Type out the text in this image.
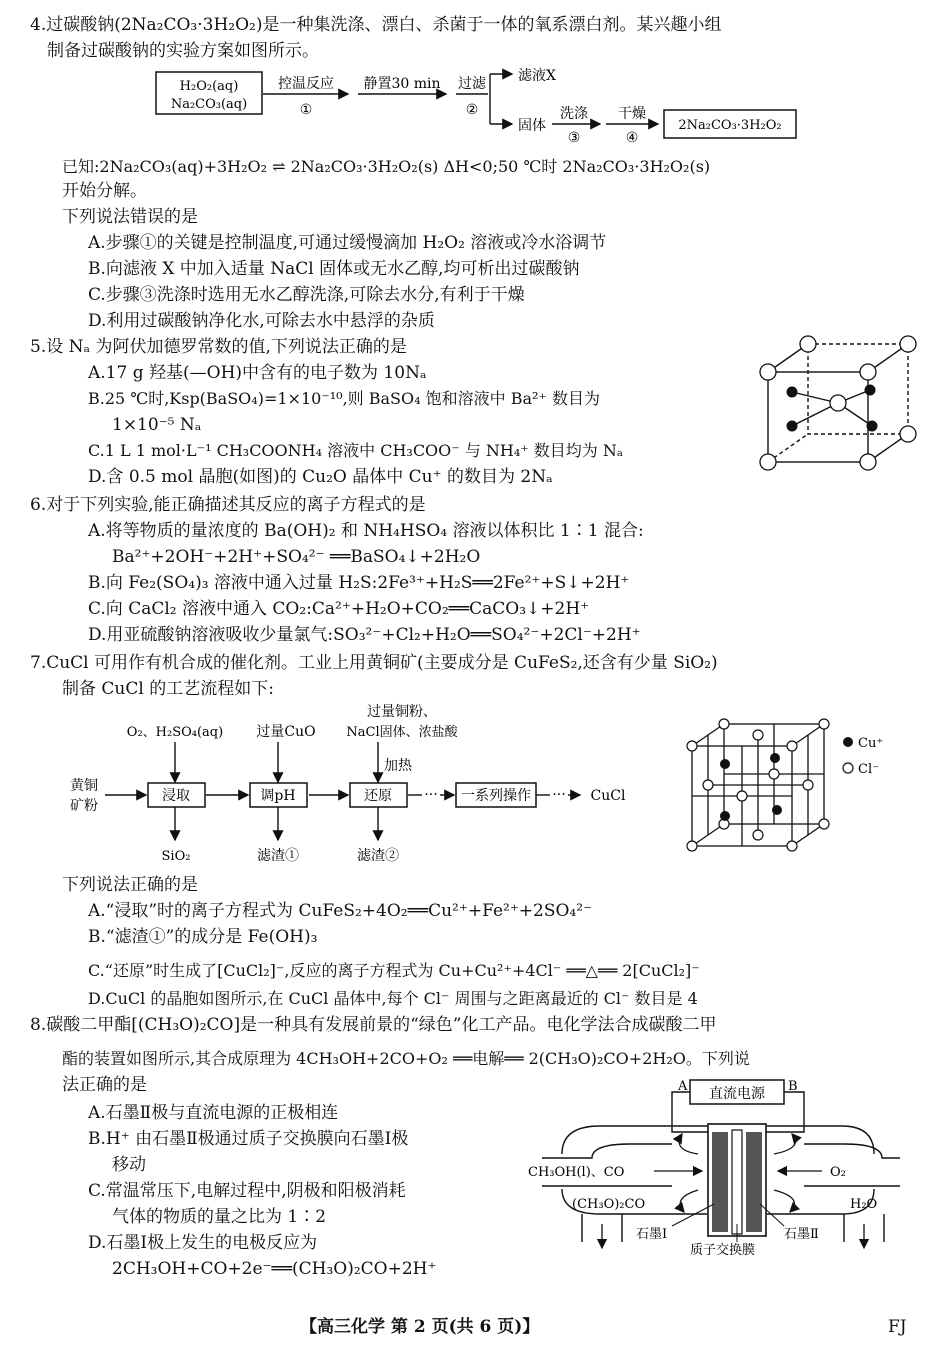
4.过碳酸钠(2Na₂CO₃·3H₂O₂)是一种集洗涤、漂白、杀菌于一体的氧系漂白剂。某兴趣小组
制备过碳酸钠的实验方案如图所示。
H₂O₂(aq)
Na₂CO₃(aq)
控温反应
①
静置30 min 过滤
②
滤液X
固体
洗涤
③
干燥
④
2Na₂CO₃·3H₂O₂
已知:2Na₂CO₃(aq)+3H₂O₂ ⇌ 2Na₂CO₃·3H₂O₂(s) ΔH<0;50 ℃时 2Na₂CO₃·3H₂O₂(s)
开始分解。
下列说法错误的是
A.步骤①的关键是控制温度,可通过缓慢滴加 H₂O₂ 溶液或冷水浴调节
B.向滤液 X 中加入适量 NaCl 固体或无水乙醇,均可析出过碳酸钠
C.步骤③洗涤时选用无水乙醇洗涤,可除去水分,有利于干燥
D.利用过碳酸钠净化水,可除去水中悬浮的杂质
5.设 Nₐ 为阿伏加德罗常数的值,下列说法正确的是
A.17 g 羟基(—OH)中含有的电子数为 10Nₐ
B.25 ℃时,Ksp(BaSO₄)=1×10⁻¹⁰,则 BaSO₄ 饱和溶液中 Ba²⁺ 数目为
1×10⁻⁵ Nₐ
C.1 L 1 mol·L⁻¹ CH₃COONH₄ 溶液中 CH₃COO⁻ 与 NH₄⁺ 数目均为 Nₐ
D.含 0.5 mol 晶胞(如图)的 Cu₂O 晶体中 Cu⁺ 的数目为 2Nₐ
6.对于下列实验,能正确描述其反应的离子方程式的是
A.将等物质的量浓度的 Ba(OH)₂ 和 NH₄HSO₄ 溶液以体积比 1∶1 混合:
Ba²⁺+2OH⁻+2H⁺+SO₄²⁻ ══BaSO₄↓+2H₂O
B.向 Fe₂(SO₄)₃ 溶液中通入过量 H₂S:2Fe³⁺+H₂S══2Fe²⁺+S↓+2H⁺
C.向 CaCl₂ 溶液中通入 CO₂:Ca²⁺+H₂O+CO₂══CaCO₃↓+2H⁺
D.用亚硫酸钠溶液吸收少量氯气:SO₃²⁻+Cl₂+H₂O══SO₄²⁻+2Cl⁻+2H⁺
7.CuCl 可用作有机合成的催化剂。工业上用黄铜矿(主要成分是 CuFeS₂,还含有少量 SiO₂)
制备 CuCl 的工艺流程如下:
黄铜
矿粉
O₂、H₂SO₄(aq) 过量CuO
过量铜粉、
NaCl固体、浓盐酸
加热
浸取	调pH	还原	一系列操作
···	··· CuCl
SiO₂	滤渣①	滤渣②
Cu⁺
Cl⁻
下列说法正确的是
A.“浸取”时的离子方程式为 CuFeS₂+4O₂══Cu²⁺+Fe²⁺+2SO₄²⁻
B.“滤渣①”的成分是 Fe(OH)₃
C.“还原”时生成了[CuCl₂]⁻,反应的离子方程式为 Cu+Cu²⁺+4Cl⁻ ══△══ 2[CuCl₂]⁻
D.CuCl 的晶胞如图所示,在 CuCl 晶体中,每个 Cl⁻ 周围与之距离最近的 Cl⁻ 数目是 4
8.碳酸二甲酯[(CH₃O)₂CO]是一种具有发展前景的“绿色”化工产品。电化学法合成碳酸二甲
酯的装置如图所示,其合成原理为 4CH₃OH+2CO+O₂ ══电解══ 2(CH₃O)₂CO+2H₂O。下列说
法正确的是
A.石墨Ⅱ极与直流电源的正极相连
B.H⁺ 由石墨Ⅱ极通过质子交换膜向石墨Ⅰ极
移动
C.常温常压下,电解过程中,阴极和阳极消耗
气体的物质的量之比为 1∶2
D.石墨Ⅰ极上发生的电极反应为
2CH₃OH+CO+2e⁻══(CH₃O)₂CO+2H⁺
直流电源
A	B
CH₃OH(l)、CO	O₂
(CH₃O)₂CO	H₂O
石墨Ⅰ	石墨Ⅱ
质子交换膜
【高三化学 第 2 页(共 6 页)】	FJ
